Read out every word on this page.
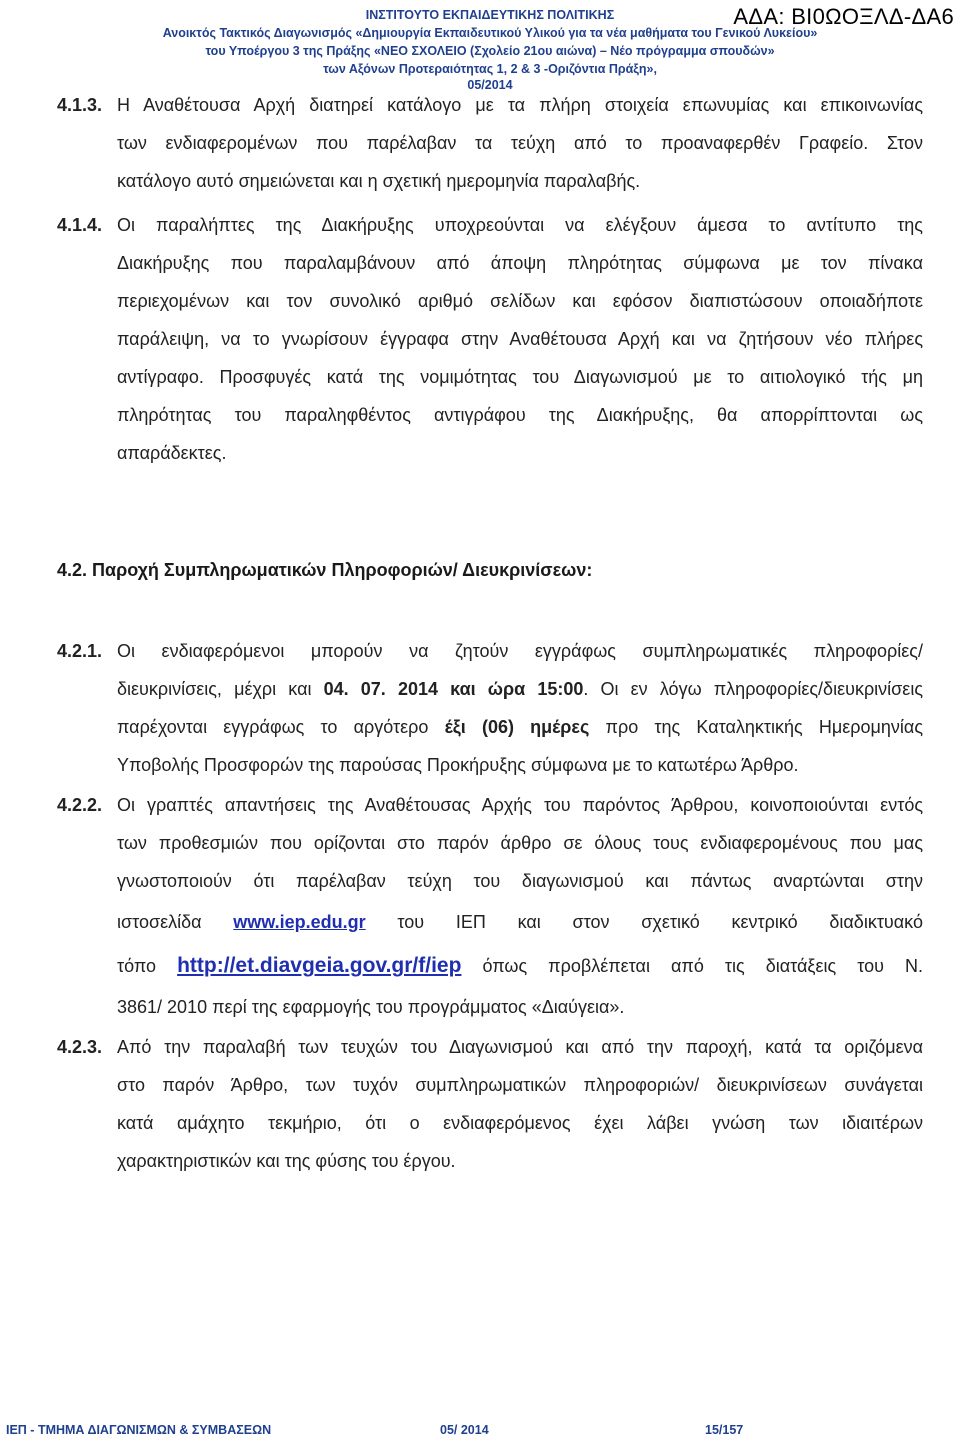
ΙΝΣΤΙΤΟΥΤΟ ΕΚΠΑΙΔΕΥΤΙΚΗΣ ΠΟΛΙΤΙΚΗΣ
Ανοικτός Τακτικός Διαγωνισμός «Δημιουργία Εκπαιδευτικού Υλικού για τα νέα μαθήματα του Γενικού Λυκείου»
του Υποέργου 3 της Πράξης «ΝΕΟ ΣΧΟΛΕΙΟ (Σχολείο 21ου αιώνα) – Νέο πρόγραμμα σπουδών»
των Αξόνων Προτεραιότητας 1, 2 & 3 -Οριζόντια Πράξη»,
05/2014
ΑΔΑ: ΒΙ0ΩΟΞΛΔ-ΔΑ6
4.1.3. Η Αναθέτουσα Αρχή διατηρεί κατάλογο με τα πλήρη στοιχεία επωνυμίας και επικοινωνίας
των ενδιαφερομένων που παρέλαβαν τα τεύχη από το προαναφερθέν Γραφείο. Στον
κατάλογο αυτό σημειώνεται και η σχετική ημερομηνία παραλαβής.
4.1.4. Οι παραλήπτες της Διακήρυξης υποχρεούνται να ελέγξουν άμεσα το αντίτυπο της
Διακήρυξης που παραλαμβάνουν από άποψη πληρότητας σύμφωνα με τον πίνακα
περιεχομένων και τον συνολικό αριθμό σελίδων και εφόσον διαπιστώσουν οποιαδήποτε
παράλειψη, να το γνωρίσουν έγγραφα στην Αναθέτουσα Αρχή και να ζητήσουν νέο πλήρες
αντίγραφο. Προσφυγές κατά της νομιμότητας του Διαγωνισμού με το αιτιολογικό τής μη
πληρότητας του παραληφθέντος αντιγράφου της Διακήρυξης, θα απορρίπτονται ως
απαράδεκτες.
4.2. Παροχή Συμπληρωματικών Πληροφοριών/ Διευκρινίσεων:
4.2.1. Οι ενδιαφερόμενοι μπορούν να ζητούν εγγράφως συμπληρωματικές πληροφορίες/
διευκρινίσεις, μέχρι και 04. 07. 2014 και ώρα 15:00. Οι εν λόγω πληροφορίες/διευκρινίσεις
παρέχονται εγγράφως το αργότερο έξι (06) ημέρες προ της Καταληκτικής Ημερομηνίας
Υποβολής Προσφορών της παρούσας Προκήρυξης σύμφωνα με το κατωτέρω Άρθρο.
4.2.2. Οι γραπτές απαντήσεις της Αναθέτουσας Αρχής του παρόντος Άρθρου, κοινοποιούνται εντός
των προθεσμιών που ορίζονται στο παρόν άρθρο σε όλους τους ενδιαφερομένους που μας
γνωστοποιούν ότι παρέλαβαν τεύχη του διαγωνισμού και πάντως αναρτώνται στην
ιστοσελίδα www.iep.edu.gr του ΙΕΠ και στον σχετικό κεντρικό διαδικτυακό
τόπο http://et.diavgeia.gov.gr/f/iep όπως προβλέπεται από τις διατάξεις του Ν.
3861/ 2010 περί της εφαρμογής του προγράμματος «Διαύγεια».
4.2.3. Από την παραλαβή των τευχών του Διαγωνισμού και από την παροχή, κατά τα οριζόμενα
στο παρόν Άρθρο, των τυχόν συμπληρωματικών πληροφοριών/ διευκρινίσεων συνάγεται
κατά αμάχητο τεκμήριο, ότι ο ενδιαφερόμενος έχει λάβει γνώση των ιδιαιτέρων
χαρακτηριστικών και της φύσης του έργου.
ΙΕΠ - ΤΜΗΜΑ ΔΙΑΓΩΝΙΣΜΩΝ & ΣΥΜΒΑΣΕΩΝ	05/ 2014	15/157
